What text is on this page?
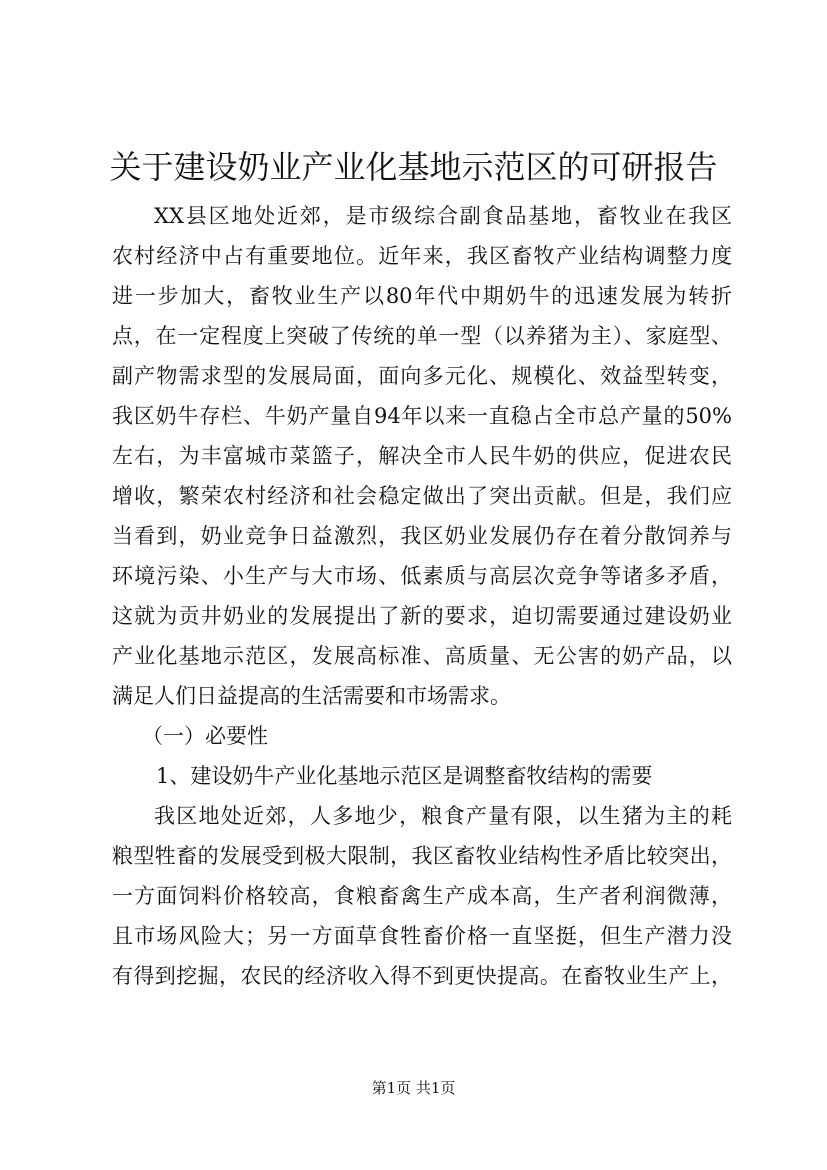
关于建设奶业产业化基地示范区的可研报告
XX县区地处近郊，是市级综合副食品基地，畜牧业在我区
农村经济中占有重要地位。近年来，我区畜牧产业结构调整力度
进一步加大，畜牧业生产以80年代中期奶牛的迅速发展为转折
点，在一定程度上突破了传统的单一型（以养猪为主）、家庭型、
副产物需求型的发展局面，面向多元化、规模化、效益型转变，
我区奶牛存栏、牛奶产量自94年以来一直稳占全市总产量的50%
左右，为丰富城市菜篮子，解决全市人民牛奶的供应，促进农民
增收，繁荣农村经济和社会稳定做出了突出贡献。但是，我们应
当看到，奶业竞争日益激烈，我区奶业发展仍存在着分散饲养与
环境污染、小生产与大市场、低素质与高层次竞争等诸多矛盾，
这就为贡井奶业的发展提出了新的要求，迫切需要通过建设奶业
产业化基地示范区，发展高标准、高质量、无公害的奶产品，以
满足人们日益提高的生活需要和市场需求。
（一）必要性
1、建设奶牛产业化基地示范区是调整畜牧结构的需要
我区地处近郊，人多地少，粮食产量有限，以生猪为主的耗
粮型牲畜的发展受到极大限制，我区畜牧业结构性矛盾比较突出，
一方面饲料价格较高，食粮畜禽生产成本高，生产者利润微薄，
且市场风险大；另一方面草食牲畜价格一直坚挺，但生产潜力没
有得到挖掘，农民的经济收入得不到更快提高。在畜牧业生产上，
第1页 共1页
